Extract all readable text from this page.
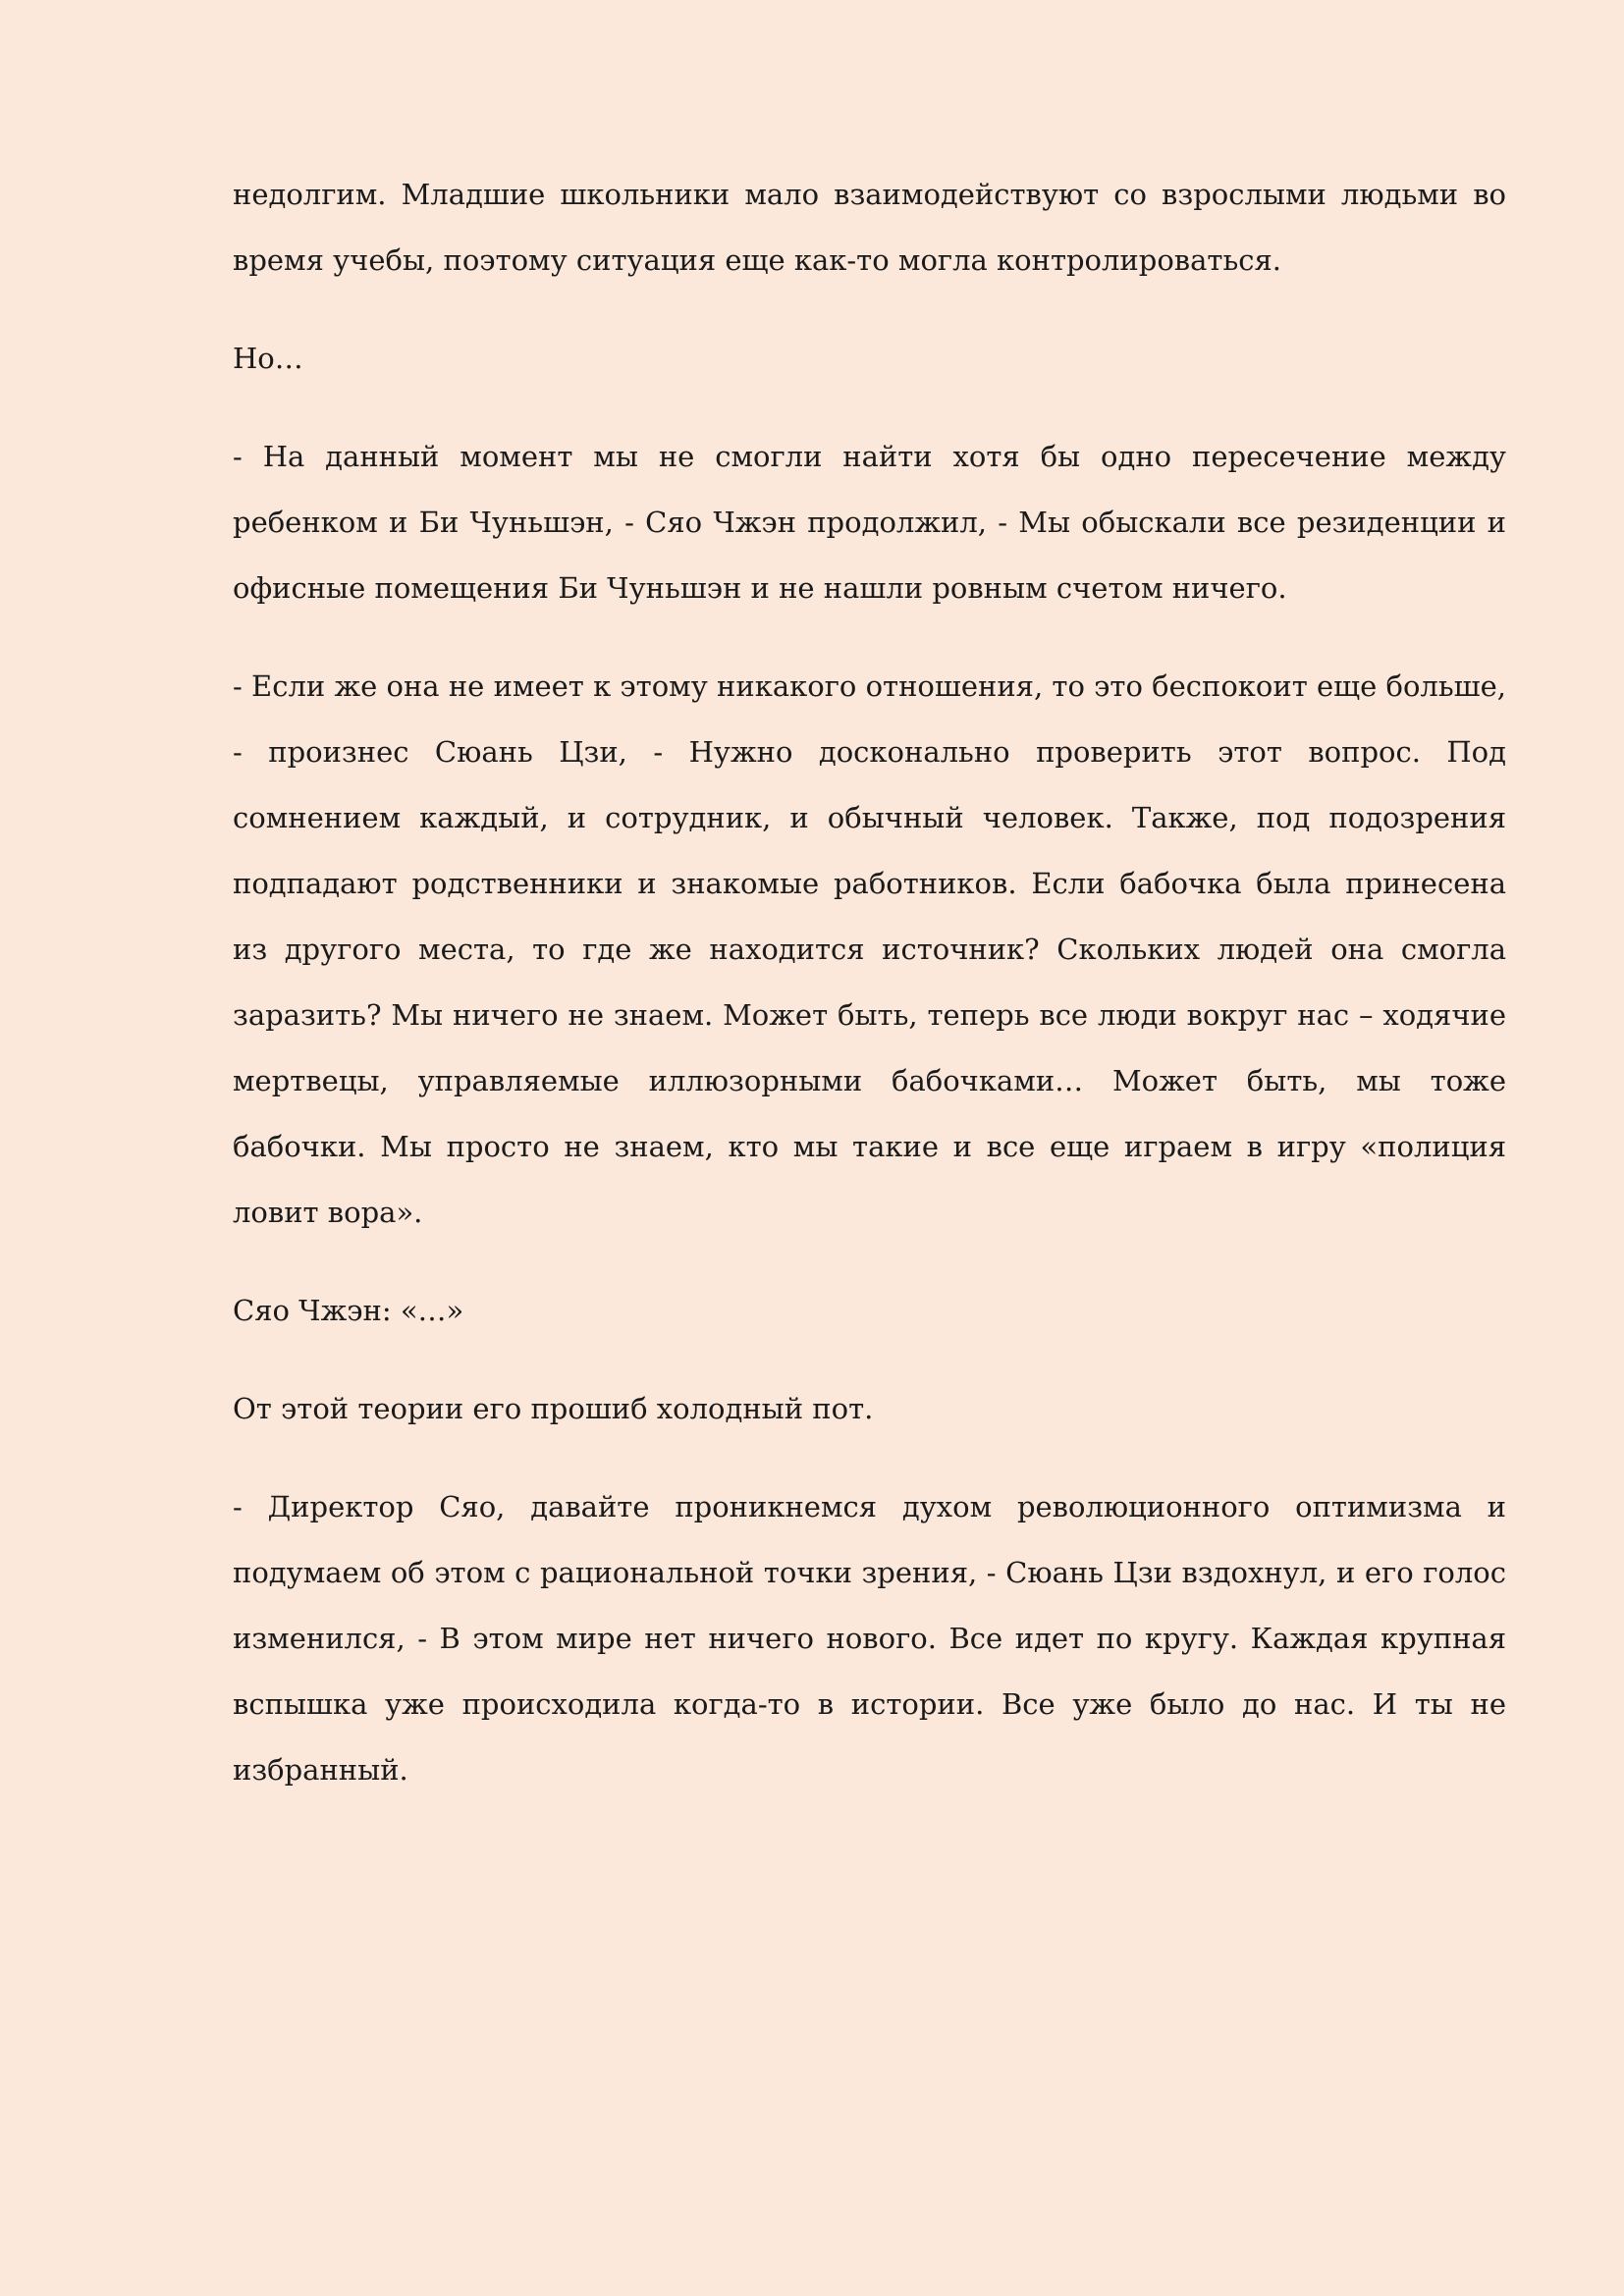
недолгим. Младшие школьники мало взаимодействуют со взрослыми людьми во время учебы, поэтому ситуация еще как-то могла контролироваться.

Но…

- На данный момент мы не смогли найти хотя бы одно пересечение между ребенком и Би Чуньшэн, - Сяо Чжэн продолжил, - Мы обыскали все резиденции и офисные помещения Би Чуньшэн и не нашли ровным счетом ничего.

- Если же она не имеет к этому никакого отношения, то это беспокоит еще больше, - произнес Сюань Цзи, - Нужно досконально проверить этот вопрос. Под сомнением каждый, и сотрудник, и обычный человек. Также, под подозрения подпадают родственники и знакомые работников. Если бабочка была принесена из другого места, то где же находится источник? Скольких людей она смогла заразить? Мы ничего не знаем. Может быть, теперь все люди вокруг нас – ходячие мертвецы, управляемые иллюзорными бабочками… Может быть, мы тоже бабочки. Мы просто не знаем, кто мы такие и все еще играем в игру «полиция ловит вора».

Сяо Чжэн: «…»

От этой теории его прошиб холодный пот.

- Директор Сяо, давайте проникнемся духом революционного оптимизма и подумаем об этом с рациональной точки зрения, - Сюань Цзи вздохнул, и его голос изменился, - В этом мире нет ничего нового. Все идет по кругу. Каждая крупная вспышка уже происходила когда-то в истории. Все уже было до нас. И ты не избранный.
